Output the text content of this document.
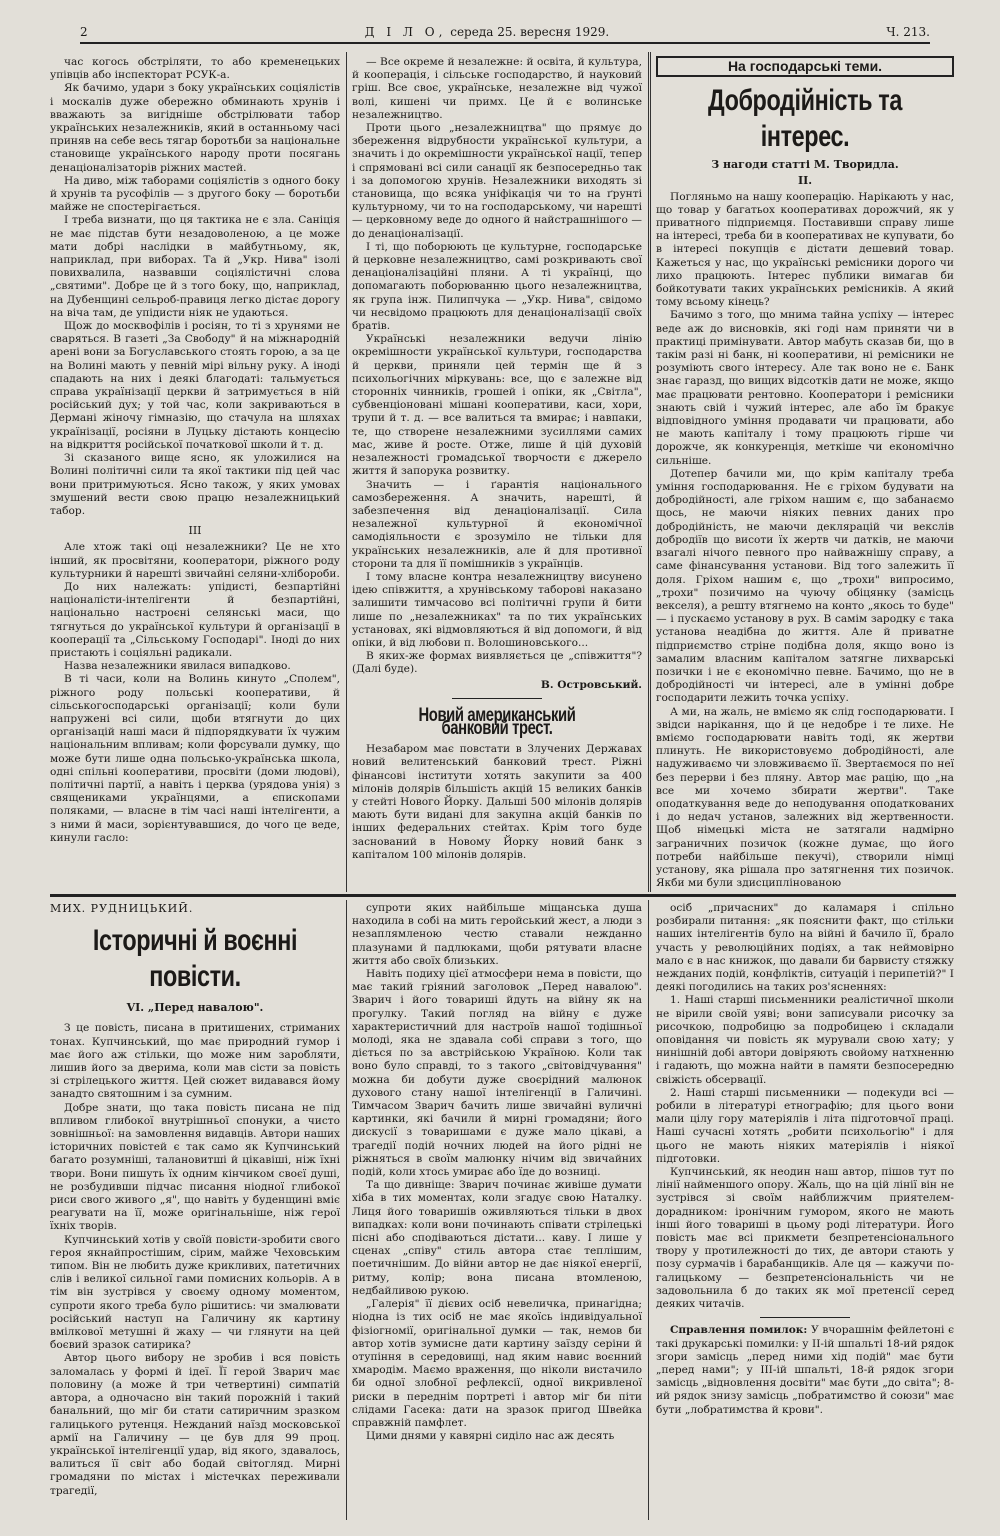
2	Д І Л О, середа 25. вересня 1929.	Ч. 213.

час когось обстріляти, то або кременецьких упівців або інспекторат РСУК-а.

Як бачимо, удари з боку українських соціялістів і москалів дуже обережно обминають хрунів і вважають за вигідніше обстрілювати табор українських незалежників, який в останньому часі приняв на себе весь тягар боротьби за націонaльне становище українського народу проти посягань денаціоналізаторів ріжних мастей.

На диво, між таборами соціялістів з одного боку й хрунів та русофілів — з другого боку — боротьби майже не спостерігається.

І треба визнати, що ця тактика не є зла. Саніція не має підстав бути незадоволеною, а це може мати добрі наслідки в майбутньому, як, наприклад, при виборах. Та й „Укр. Нива" ізолі повихвалила, назвавши соціялістичні слова „святими". Добре це й з того боку, що, наприклад, на Дубенщині сельроб-правиця легко дістає дорогу на віча там, де упідисти ніяк не удаються.

Щож до москвофілів і росіян, то ті з хрунями не сваряться. В газеті „За Свободу" й на міжнародній арені вони за Богуславського стоять горою, а за це на Волині мають у певній мірі вільну руку. А іноді спадають на них і деякі благодаті: тальмується справа українізації церкви й затримується в ній російський дух; у той час, коли закриваються в Дермані жіночу гімназію, що стачула на шляхах українізації, росіяни в Луцьку дістають концесію на відкриття російської початкової школи й т. д.

Зі сказаного вище ясно, як уложилися на Волині політичні сили та якої тактики під цей час вони притримуються. Ясно також, у яких умовах змушений вести свою працю незалежницький табор.

III

Але хтож такі оці незалежники? Це не хто інший, як просвітяни, кооператори, ріжного роду культурники й нарешті звичайні селяни-хлібороби.

До них належать: упідисті, безпартійні націоналісти-інтелігенти й безпартійні, національно настроєні селянські маси, що тягнуться до української культури й організації в кооперації та „Сільському Господарі". Іноді до них пристають і соціяльні радикали.

Назва незалежники явилася випадково.

В ті часи, коли на Волинь кинуто „Сполем", ріжного роду польські кооперативи, й сільськогосподарські організації; коли були напружені всі сили, щоби втягнути до цих організацій наші маси й підпорядкувати їх чужим національним впливам; коли форсували думку, що може бути лише одна польсько-українська школа, одні спільні кооперативи, просвіти (доми людові), політичні партії, а навіть і церква (урядова унія) з священиками українцями, а єпископами поляками, — власне в тім часі наші інтелігенти, а з ними й маси, зорієнтувавшися, до чого це веде, кинули гасло:

— Все окреме й незалежне: й освіта, й культура, й кооперація, і сільське господарство, й науковий гріш. Все своє, українське, незалежне від чужої волі, кишені чи примх. Це й є волинське незалежництво.

Проти цього „незалежництва" що прямує до збереження відрубности української культури, а значить і до окремішности української нації, тепер і спрямовані всі сили санації як безпосередньо так і за допомогою хрунів. Незалежники виходять зі становища, що всяка уніфікація чи то на ґрунті культурному, чи то на господарському, чи нарешті — церковному веде до одного й найстрашнішого — до денаціоналізації.

І ті, що поборюють це культурне, господарське й церковне незалежництво, самі розкривають свої денаціоналізаційні пляни. А ті українці, що допомагають поборюванню цього незалежництва, як група інж. Пилипчука — „Укр. Нива", свідомо чи несвідомо працюють для денаціоналізації своїх братів.

Українські незалежники ведучи лінію окремішности української культури, господарства й церкви, приняли цей термін ще й з психольогічних міркувань: все, що є залежне від сторонніх чинників, грошей і опіки, як „Світла", субвенціоновані мішані кооперативи, каси, хори, трупи й т. д. — все валиться та вмирає; і навпаки, те, що створене незалежними зусиллями самих мас, живе й росте. Отже, лише й цій духовій незалежності громадської творчости є джерело життя й запорука розвитку.

Значить — і ґарантія національного самозбереження. А значить, нарешті, й забезпечення від денаціоналізації. Сила незалежної культурної й економічної самодіяльности є зрозуміло не тільки для українських незалежників, але й для противної сторони та для її помішників з українців.

І тому власне контра незалежництву висунено ідею співжиття, а хрунівському таборові наказано залишити тимчасово всі політичні групи й бити лише по „незалежниках" та по тих українських установах, які відмовляються й від допомоги, й від опіки, й від любови п. Волошиновського...

В яких-же формах виявляється це „співжиття"? (Далі буде).

В. Островський.
Новий американський банковий трест.

Незабаром має повстати в Злучених Державах новий велитенський банковий трест. Ріжні фінансові інститути хотять закупити за 400 мілонів долярів більшість акцій 15 великих банків у стейті Нового Йорку. Дальші 500 мілонів долярів мають бути видані для закупна акцій банків по інших федеральних стейтах. Крім того буде заснований в Новому Йорку новий банк з капіталом 100 мілонів долярів.

На господарські теми.
Добродійність та інтерес.
З нагоди статті М. Творидла.
II.

Погляньмо на нашу кооперацію. Нарікають у нас, що товар у багатьох кооперативах дорожчий, як у приватного підприємця. Поставивши справу лише на інтересі, треба би в кооперативах не купувати, бо в інтересі покупців є дістати дешевий товар. Кажеться у нас, що українські ремісники дорого чи лихо працюють. Інтерес публики вимагав би бойкотувати таких українських ремісників. А який тому всьому кінець?

Бачимо з того, що мнима тайна успіху — інтерес веде аж до висновків, які годі нам приняти чи в практиці примінувати. Автор мабуть сказав би, що в такім разі ні банк, ні кооперативи, ні ремісники не розуміють свого інтересу. Але так воно не є. Банк знає гаразд, що вищих відсотків дати не може, якщо має працювати рентовно. Кооператори і ремісники знають свій і чужий інтерес, але або їм бракує відповідного уміння продавати чи працювати, або не мають капіталу і тому працюють гірше чи дорожче, як конкуренція, меткіше чи економічно сильніше.

Дотепер бачили ми, що крім капіталу треба уміння господарювання. Не є гріхом будувати на добродійності, але гріхом нашим є, що забанаємо щось, не маючи ніяких певних даних про добродійність, не маючи деклярацій чи векслів добродіїв що висоти їх жертв чи датків, не маючи взагалі нічого певного про найважнішу справу, а саме фінансування установи. Від того залежить її доля. Гріхом нашим є, що „трохи" випросимо, „трохи" позичимо на чуючу обіцянку (замісць векселя), а решту втягнемо на конто „якось то буде" — і пускаємо установу в рух. В самім зародку є така установа неадібна до життя. Але й приватне підприємство стріне подібна доля, якщо воно із замалим власним капіталом затягне лихварські позички і не є економічно певне. Бачимо, що не в добродійності чи інтересі, але в умінні добре господарити лежить точка успіху.

А ми, на жаль, не вміємо як слід господарювати. І звідси нарікання, що й це недобре і те лихе. Не вміємо господарювати навіть тоді, як жертви плинуть. Не використовуємо добродійності, але надуживаємо чи зловживаємо її. Звертаємося по неї без перерви і без пляну. Автор має рацію, що „на все ми хочемо збирати жертви". Таке оподаткування веде до неподування оподаткованих і до недач установ, залежних від жертвенности. Щоб німецькі міста не затягали надмірно заграничних позичок (кожне думає, що його потреби найбільше пекучі), створили німці установу, яка рішала про затягнення тих позичок. Якби ми були здисциплінованою

МИХ. РУДНИЦЬКИЙ.
Історичні й воєнні повісти.
VI. „Перед навалою".

З це повість, писана в притишених, стриманих тонах. Купчинський, що має природний гумор і має його аж стільки, що може ним заробляти, лишив його за дверима, коли мав сісти за повість зі стрілецького життя. Цей сюжет видавався йому занадто святошним і за сумним.

Добре знати, що така повість писана не під впливом глибокої внутрішньої спонуки, а чисто зовнішньої: на замовлення видавців. Автори наших історичних повістей є так само як Купчинський багато розумніші, талановитші й цікавіші, ніж їхні твори. Вони пишуть їх одним кінчиком своєї душі, не розбудивши підчас писання ніодної глибокої риси свого живого „я", що навіть у буденщині вміє реагувати на її, може оригінальніше, ніж герої їхніх творів.

Купчинський хотів у своїй повісти-зробити свого героя якнайпростішим, сірим, майже Чеховським типом. Він не любить дуже крикливих, патетичних слів і великої сильної гами помисних кольорів. А в тім він зустрівся у своєму одному моментом, супроти якого треба було рішитись: чи змалювати російський наступ на Галичину як картину вмілкової метушні й жаху — чи глянути на цей боєвий зразок сатирика?

Автор цього вибору не зробив і вся повість заломалась у формі й ідеї. Її герой Зварич має половину (а може й три четвертині) симпатій автора, а одночасно він такий порожній і такий банальний, що міг би стати сатиричним зразком галицького рутенця. Нежданий наїзд московської армії на Галичину — це був для 99 проц. української інтелігенції удар, від якого, здавалось, валиться її світ або бодай світогляд. Мирні громадяни по містах і містечках переживали трагедії,

супроти яких найбільше міщанська душа находила в собі на мить геройський жест, а люди з незаплямленою честю ставали нежданно плазунами й падлюками, щоби рятувати власне життя або своїх близьких.

Навіть подиху цієї атмосфери нема в повісти, що має такий гріяний заголовок „Перед навалою". Зварич і його товариші йдуть на війну як на прогулку. Такий погляд на війну є дуже характеристичний для настроїв нашої тодішньої молоді, яка не здавала собі справи з того, що діється по за австрійською Україною. Коли так воно було справді, то з такого „світовідчування" можна би добути дуже своєрідний малюнок духового стану нашої інтелігенції в Галичині. Тимчасом Зварич бачить лише звичайні вуличні картинки, які бачили й мирні громадяни; його дискусії з товаришами є дуже мало цікаві, а трагедії подій ночних людей на його рідні не ріжняться в своїм малюнку нічим від звичайних подій, коли хтось умирає або їде до возниці.

Та що дивніще: Зварич починає живіше думати хіба в тих моментах, коли згадує свою Наталку. Лиця його товаришів оживляються тільки в двох випадках: коли вони починають співати стрілецькі пісні або сподіваються дістати... каву. І лише у сценах „співу" стиль автора стає теплішим, поетичнішим. До війни автор не дає ніякої енергії, ритму, колір; вона писана втомленою, недбайливою рукою.

„Галерія" її дієвих осіб невеличка, принагідна; ніодна із тих осіб не має якоїсь індивідуальної фізіогномії, оригінальної думки — так, немов би автор хотів зумисне дати картину заїзду серіни й отупіння в середовищі, над яким навис воєнний хмародім. Маємо враження, що ніколи вистачило би одної злобної рефлексії, одної викривленої риски в переднім портреті і автор міг би піти слідами Гасека: дати на зразок пригод Швейка справжній памфлет.

Цими днями у кавярні сиділо нас аж десять

осіб „причасних" до каламаря і спільно розбирали питання: „як пояснити факт, що стільки наших інтелігентів було на війні й бачило її, брало участь у революційних подіях, а так неймовірно мало є в нас книжок, що давали би барвисту стяжку нежданих подій, конфліктів, ситуацій і перипетій?" І деякі погодились на таких роз'ясненнях:

1. Наші старші письменники реалістичної школи не вірили своїй уяві; вони записували рисочку за рисочкою, подробицю за подробицею і складали оповідання чи повість як мурували свою хату; у нинішній добі автори довіряють свойому натхненню і гадають, що можна найти в памяти безпосередню свіжість обсервації.

2. Наші старші письменники — подекуди всі — робили в літературі етнографію; для цього вони мали цілу гору матеріялів і літа підготовчої праці. Наші сучасні хотять „робити психольогію" і для цього не мають ніяких матеріялів і ніякої підготовки.

Купчинський, як неодин наш автор, пішов тут по лінії найменшого опору. Жаль, що на цій лінії він не зустрівся зі своїм найближчим приятелем-дорадником: іронічним гумором, якого не мають інші його товариші в цьому роді літератури. Його повість має всі прикмети безпретенсіонального твору у протилежності до тих, де автори стають у позу сурмачів і барабанщиків. Але ця — кажучи по-галицькому — безпретенсіональність чи не задовольнила б до таких як мої претенсії серед деяких читачів.

Справлення помилок: У вчорашнім фейлетоні є такі друкарські помилки: у ІІ-ій шпальті 18-ий рядок згори замісць „перед ними хід подій" має бути „перед нами"; у ІІІ-ій шпальті, 18-й рядок згори замісць „відновлення досвіти" має бути „до світа"; 8-ий рядок знизу замісць „побратимство й союзи" має бути „лобратимства й крови".
